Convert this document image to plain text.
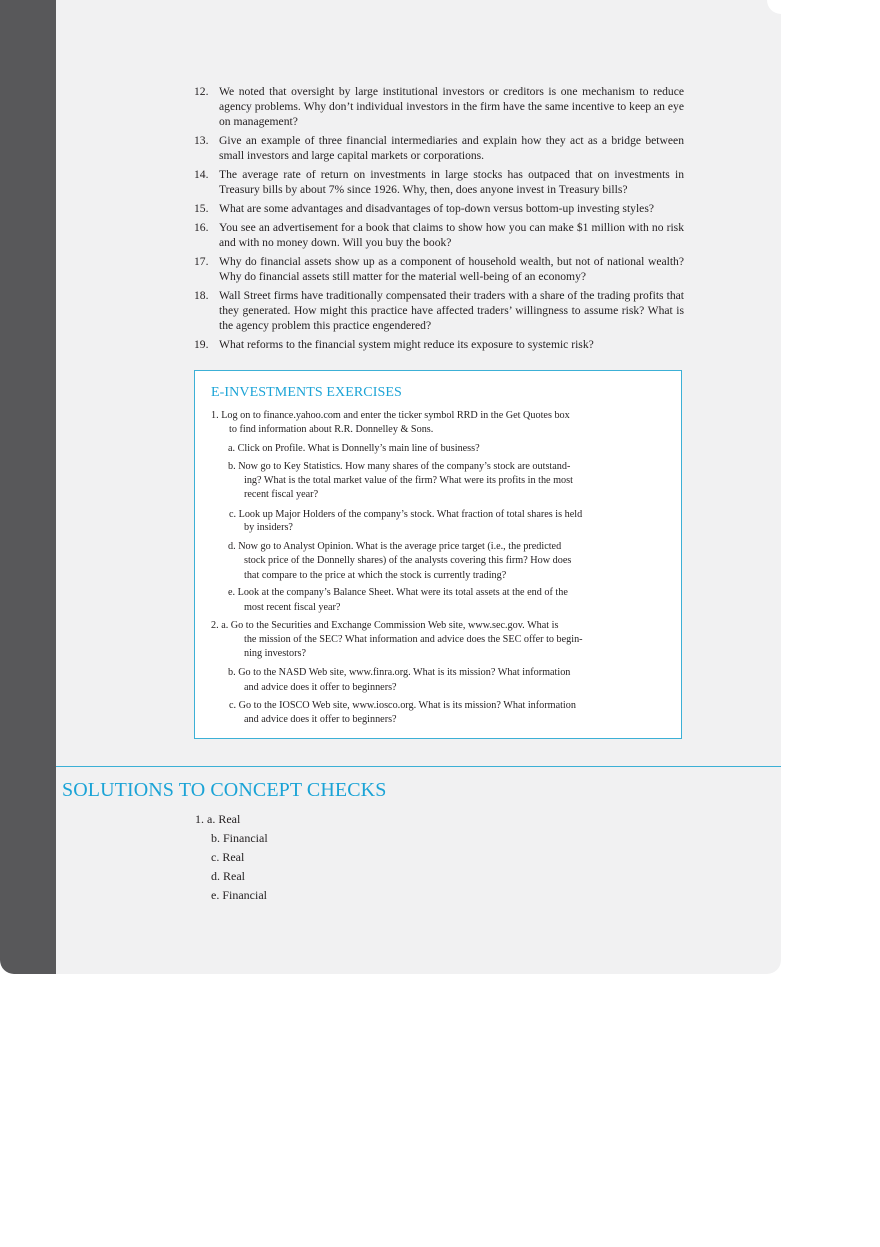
12. We noted that oversight by large institutional investors or creditors is one mechanism to reduce agency problems. Why don’t individual investors in the firm have the same incentive to keep an eye on management?
13. Give an example of three financial intermediaries and explain how they act as a bridge between small investors and large capital markets or corporations.
14. The average rate of return on investments in large stocks has outpaced that on investments in Treasury bills by about 7% since 1926. Why, then, does anyone invest in Treasury bills?
15. What are some advantages and disadvantages of top-down versus bottom-up investing styles?
16. You see an advertisement for a book that claims to show how you can make $1 million with no risk and with no money down. Will you buy the book?
17. Why do financial assets show up as a component of household wealth, but not of national wealth? Why do financial assets still matter for the material well-being of an economy?
18. Wall Street firms have traditionally compensated their traders with a share of the trading profits that they generated. How might this practice have affected traders’ willingness to assume risk? What is the agency problem this practice engendered?
19. What reforms to the financial system might reduce its exposure to systemic risk?
E-INVESTMENTS EXERCISES
1. Log on to finance.yahoo.com and enter the ticker symbol RRD in the Get Quotes box
to find information about R.R. Donnelley & Sons.
a. Click on Profile. What is Donnelly’s main line of business?
b. Now go to Key Statistics. How many shares of the company’s stock are outstand-
ing? What is the total market value of the firm? What were its profits in the most
recent fiscal year?
c. Look up Major Holders of the company’s stock. What fraction of total shares is held
by insiders?
d. Now go to Analyst Opinion. What is the average price target (i.e., the predicted
stock price of the Donnelly shares) of the analysts covering this firm? How does
that compare to the price at which the stock is currently trading?
e. Look at the company’s Balance Sheet. What were its total assets at the end of the
most recent fiscal year?
2. a. Go to the Securities and Exchange Commission Web site, www.sec.gov. What is
the mission of the SEC? What information and advice does the SEC offer to begin-
ning investors?
b. Go to the NASD Web site, www.finra.org. What is its mission? What information
and advice does it offer to beginners?
c. Go to the IOSCO Web site, www.iosco.org. What is its mission? What information
and advice does it offer to beginners?
SOLUTIONS TO CONCEPT CHECKS
1. a. Real
b. Financial
c. Real
d. Real
e. Financial
